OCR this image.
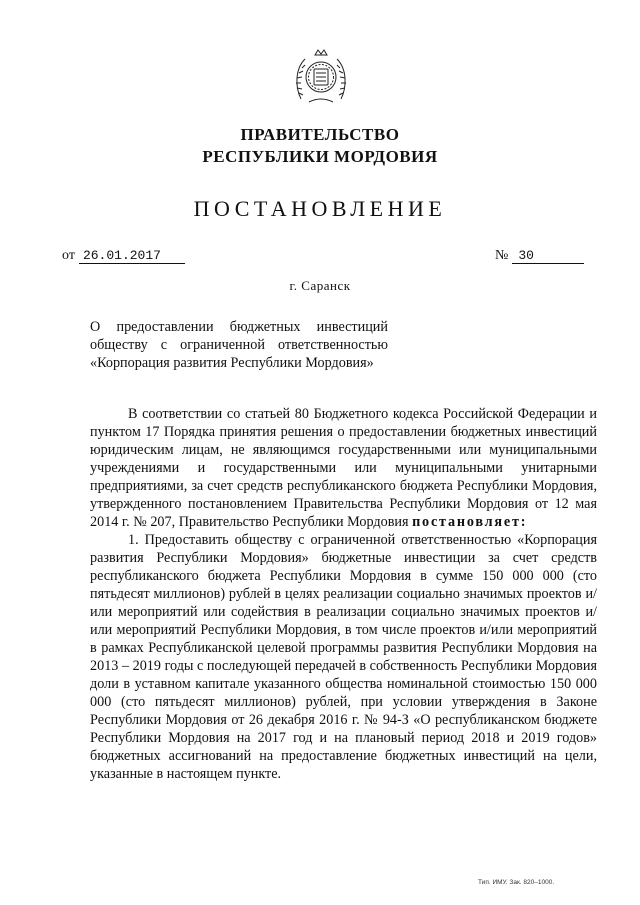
ПРАВИТЕЛЬСТВО
РЕСПУБЛИКИ МОРДОВИЯ
ПОСТАНОВЛЕНИЕ
от 26.01.2017	№ 30
г. Саранск
О предоставлении бюджетных инвестиций
обществу с ограниченной ответственностью
«Корпорация развития Республики Мордовия»

В соответствии со статьей 80 Бюджетного кодекса Российской Федерации и пунктом 17 Порядка принятия решения о предоставлении бюджетных инвестиций юридическим лицам, не являющимся государственными или муниципальными учреждениями и государственными или муниципальными унитарными предприятиями, за счет средств республиканского бюджета Республики Мордовия, утвержденного постановлением Правительства Республики Мордовия от 12 мая 2014 г. № 207, Правительство Республики Мордовия постановляет:

1. Предоставить обществу с ограниченной ответственностью «Корпорация развития Республики Мордовия» бюджетные инвестиции за счет средств республиканского бюджета Республики Мордовия в сумме 150 000 000 (сто пятьдесят миллионов) рублей в целях реализации социально значимых проектов и/или мероприятий или содействия в реализации социально значимых проектов и/или мероприятий Республики Мордовия, в том числе проектов и/или мероприятий в рамках Республиканской целевой программы развития Республики Мордовия на 2013 – 2019 годы с последующей передачей в собственность Республики Мордовия доли в уставном капитале указанного общества номинальной стоимостью 150 000 000 (сто пятьдесят миллионов) рублей, при условии утверждения в Законе Республики Мордовия от 26 декабря 2016 г. № 94-З «О республиканском бюджете Республики Мордовия на 2017 год и на плановый период 2018 и 2019 годов» бюджетных ассигнований на предоставление бюджетных инвестиций на цели, указанные в настоящем пункте.

Тип. ИМУ. Зак. 820–1000.
